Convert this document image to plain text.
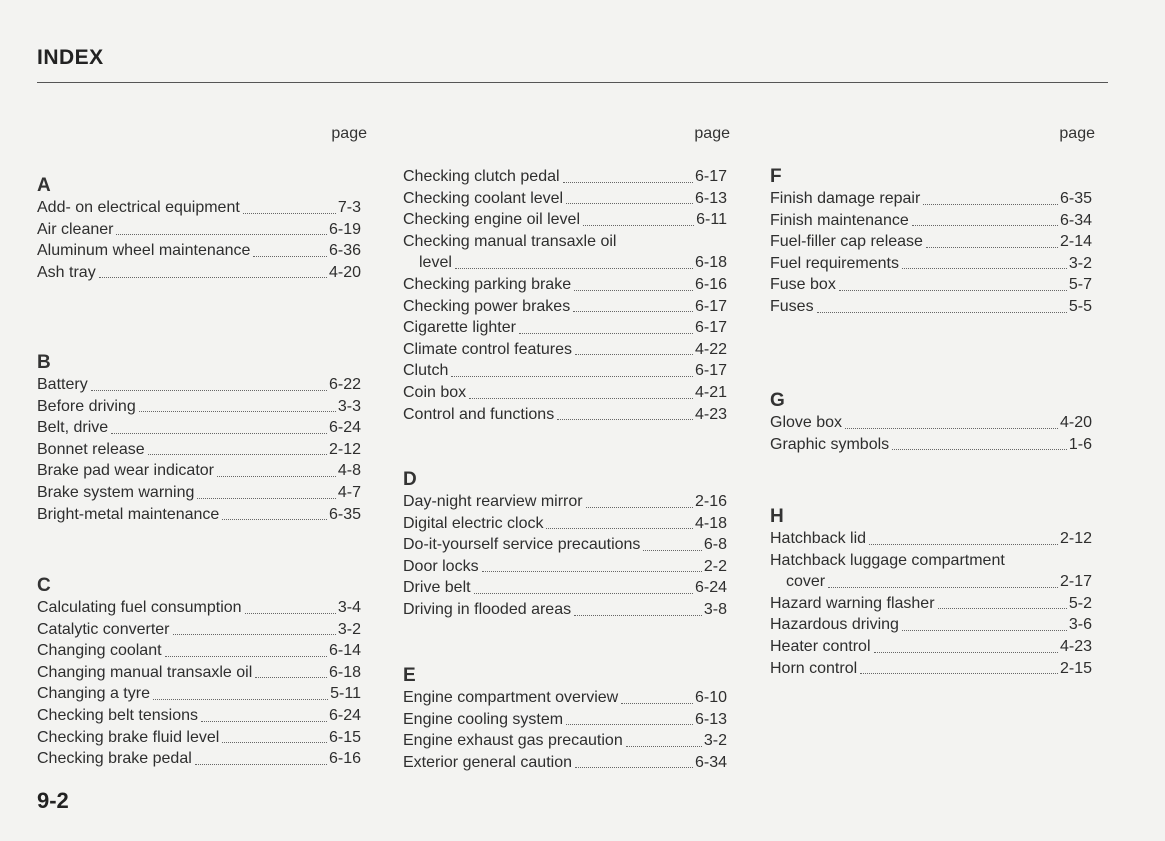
INDEX
page	page	page
A
Add- on electrical equipment	7-3
Air cleaner	6-19
Aluminum wheel maintenance	6-36
Ash tray	4-20
B
Battery	6-22
Before driving	3-3
Belt, drive	6-24
Bonnet release	2-12
Brake pad wear indicator	4-8
Brake system warning	4-7
Bright-metal maintenance	6-35
C
Calculating fuel consumption	3-4
Catalytic converter	3-2
Changing coolant	6-14
Changing manual transaxle oil	6-18
Changing a tyre	5-11
Checking belt tensions	6-24
Checking brake fluid level	6-15
Checking brake pedal	6-16
Checking clutch pedal	6-17
Checking coolant level	6-13
Checking engine oil level	6-11
Checking manual transaxle oil
level	6-18
Checking parking brake	6-16
Checking power brakes	6-17
Cigarette lighter	6-17
Climate control features	4-22
Clutch	6-17
Coin box	4-21
Control and functions	4-23
D
Day-night rearview mirror	2-16
Digital electric clock	4-18
Do-it-yourself service precautions	6-8
Door locks	2-2
Drive belt	6-24
Driving in flooded areas	3-8
E
Engine compartment overview	6-10
Engine cooling system	6-13
Engine exhaust gas precaution	3-2
Exterior general caution	6-34
F
Finish damage repair	6-35
Finish maintenance	6-34
Fuel-filler cap release	2-14
Fuel requirements	3-2
Fuse box	5-7
Fuses	5-5
G
Glove box	4-20
Graphic symbols	1-6
H
Hatchback lid	2-12
Hatchback luggage compartment
cover	2-17
Hazard warning flasher	5-2
Hazardous driving	3-6
Heater control	4-23
Horn control	2-15
9-2
